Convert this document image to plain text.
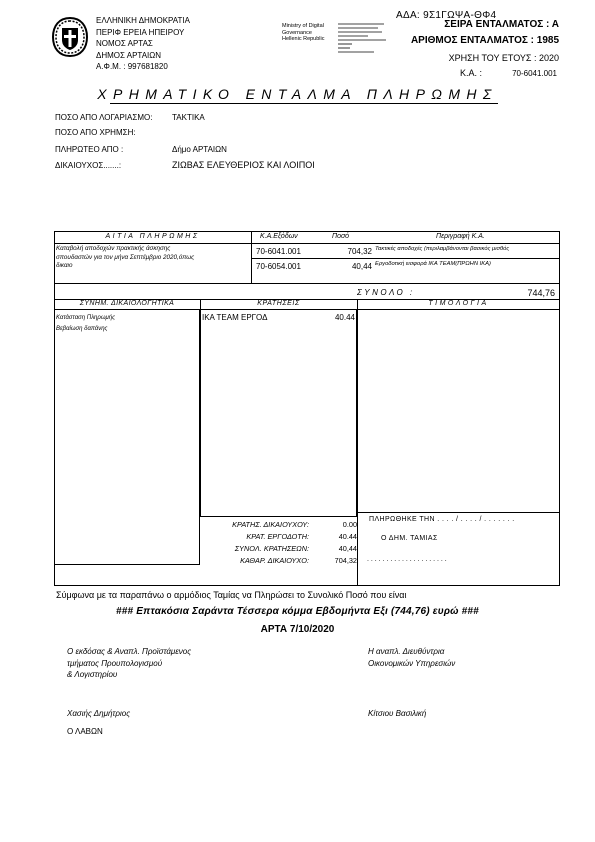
ΕΛΛΗΝΙΚΗ ΔΗΜΟΚΡΑΤΙΑ
ΠΕΡΙΦ ΕΡΕΙΑ ΗΠΕΙΡΟΥ
ΝΟΜΟΣ ΑΡΤΑΣ
ΔΗΜΟΣ ΑΡΤΑΙΩΝ
Α.Φ.Μ. : 997681820
Ministry of Digital
Governance
Hellenic Republic
ΑΔΑ: 9Σ1ΓΩΨΑ-ΘΦ4
ΣΕΙΡΑ ΕΝΤΑΛΜΑΤΟΣ : Α
ΑΡΙΘΜΟΣ ΕΝΤΑΛΜΑΤΟΣ : 1985
ΧΡΗΣΗ ΤΟΥ ΕΤΟΥΣ : 2020
Κ.Α. :	70-6041.001
ΧΡΗΜΑΤΙΚΟ ΕΝΤΑΛΜΑ ΠΛΗΡΩΜΗΣ
ΠΟΣΟ ΑΠΟ ΛΟΓΑΡΙΑΣΜΟ: ΤΑΚΤΙΚΑ
ΠΟΣΟ ΑΠΟ ΧΡΗΜΣΗ:
ΠΛΗΡΩΤΕΟ ΑΠΟ :	Δήμο ΑΡΤΑΙΩΝ
ΔΙΚΑΙΟΥΧΟΣ.......:	ΖΙΩΒΑΣ ΕΛΕΥΘΕΡΙΟΣ ΚΑΙ ΛΟΙΠΟΙ
ΑΙΤΙΑ ΠΛΗΡΩΜΗΣ	Κ.Α.Εξόδων	Ποσό	Περιγραφή Κ.Α.
Καταβολή αποδοχών πρακτικής άσκησης
σπουδαστών για τον μήνα Σεπτέμβριο 2020,όπως
δικαιο
70-6041.001	704,32 Τακτικές αποδοχές (περιλαμβάνονται βασικός μισθός
70-6054.001	40,44 Εργοδοτική εισφορά ΙΚΑ ΤΕΑΜ(ΠΡΩΗΝ ΙΚΑ)
ΣΥΝΟΛΟ :	744,76
ΣΥΝΗΜ. ΔΙΚΑΙΟΛΟΓΗΤΙΚΑ	ΚΡΑΤΗΣΕΙΣ	ΤΙΜΟΛΟΓΙΑ
Κατάσταση Πληρωμής
Βεβαίωση δαπάνης
ΙΚΑ ΤΕΑΜ ΕΡΓΟΔ	40.44
ΚΡΑΤΗΣ. ΔΙΚΑΙΟΥΧΟΥ:	0.00
ΚΡΑΤ. ΕΡΓΟΔΟΤΗ:	40.44
ΣΥΝΟΛ. ΚΡΑΤΗΣΕΩΝ:	40,44
ΚΑΘΑΡ. ΔΙΚΑΙΟΥΧΟ:	704,32
ΠΛΗΡΩΘΗΚΕ ΤΗΝ . . . . / . . . . / . . . . . . .
Ο ΔΗΜ. ΤΑΜΙΑΣ
. . . . . . . . . . . . . . . . . . . . .
Σύμφωνα με τα παραπάνω ο αρμόδιος Ταμίας να Πληρώσει το Συνολικό Ποσό που είναι
### Επτακόσια Σαράντα Τέσσερα κόμμα Εβδομήντα Εξι (744,76) ευρώ ###
ΑΡΤΑ 7/10/2020
Ο εκδόσας & Αναπλ. Προϊστάμενος
τμήματος Προυπολογισμού
& Λογιστηρίου
Η αναπλ. Διευθύντρια
Οικονομικών Υπηρεσιών
Χασιής Δημήτριος	Κίτσιου Βασιλική
Ο ΛΑΒΩΝ
